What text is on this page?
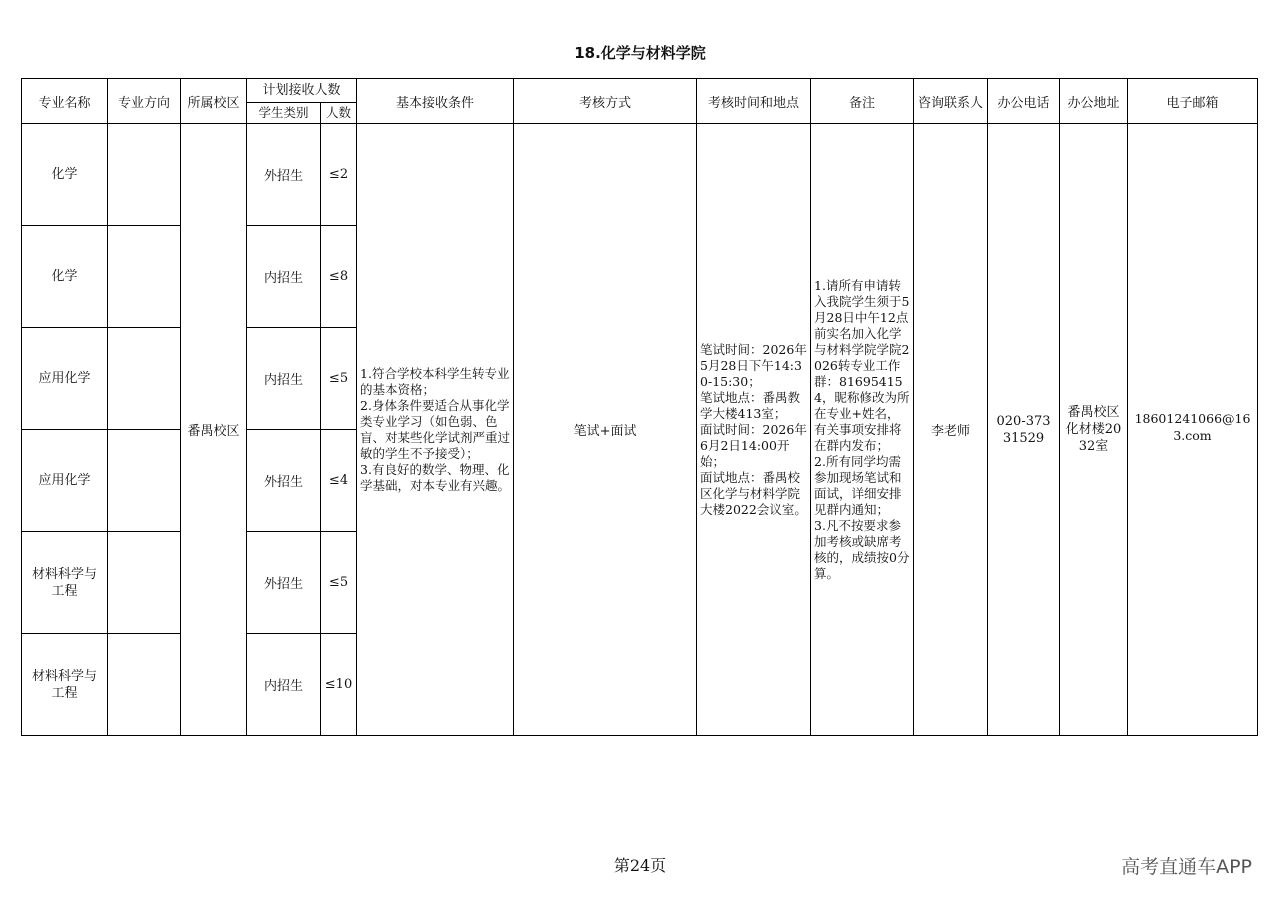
18.化学与材料学院
专业名称	专业方向	所属校区	计划接收人数		基本接收条件	考核方式	考核时间和地点	备注	咨询联系人	办公电话	办公地址	电子邮箱
			学生类别	人数								
化学		番禺校区	外招生	≤2	1.符合学校本科学生转专业的基本资格；
2.身体条件要适合从事化学类专业学习（如色弱、色盲、对某些化学试剂严重过敏的学生不予接受）；
3.有良好的数学、物理、化学基础，对本专业有兴趣。	笔试+面试	笔试时间：2026年5月28日下午14:30-15:30；
笔试地点：番禺教学大楼413室；
面试时间：2026年6月2日14:00开始；
面试地点：番禺校区化学与材料学院大楼2022会议室。	1.请所有申请转入我院学生须于5月28日中午12点前实名加入化学与材料学院学院2026转专业工作群：816954154，昵称修改为所在专业+姓名，有关事项安排将在群内发布；
2.所有同学均需参加现场笔试和面试，详细安排见群内通知；
3.凡不按要求参加考核或缺席考核的，成绩按0分算。	李老师	020-37331529	番禺校区化材楼2032室	18601241066@163.com
化学			内招生	≤8								
应用化学			内招生	≤5								
应用化学			外招生	≤4								
材料科学与工程			外招生	≤5								
材料科学与工程			内招生	≤10								
第24页	高考直通车APP
